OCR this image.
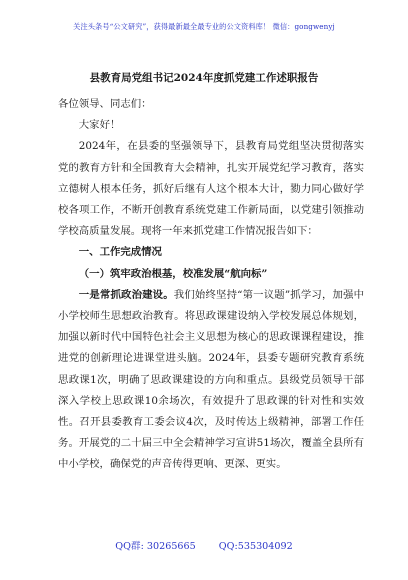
关注头条号“公文研究”，获得最新最全最专业的公文资料库！ 微信：gongwenyj
县教育局党组书记2024年度抓党建工作述职报告

各位领导、同志们：

大家好！

2024年，在县委的坚强领导下，县教育局党组坚决贯彻落实党的教育方针和全国教育大会精神，扎实开展党纪学习教育，落实立德树人根本任务，抓好后继有人这个根本大计，勠力同心做好学校各项工作，不断开创教育系统党建工作新局面，以党建引领推动学校高质量发展。现将一年来抓党建工作情况报告如下：

一、工作完成情况

（一）筑牢政治根基，校准发展“航向标”

一是常抓政治建设。我们始终坚持“第一议题”抓学习，加强中小学校师生思想政治教育。将思政课建设纳入学校发展总体规划，加强以新时代中国特色社会主义思想为核心的思政课课程建设，推进党的创新理论进课堂进头脑。2024年，县委专题研究教育系统思政课1次，明确了思政课建设的方向和重点。县级党员领导干部深入学校上思政课10余场次，有效提升了思政课的针对性和实效性。召开县委教育工委会议4次，及时传达上级精神，部署工作任务。开展党的二十届三中全会精神学习宣讲51场次，覆盖全县所有中小学校，确保党的声音传得更响、更深、更实。

QQ群: 30265665 QQ:535304092
